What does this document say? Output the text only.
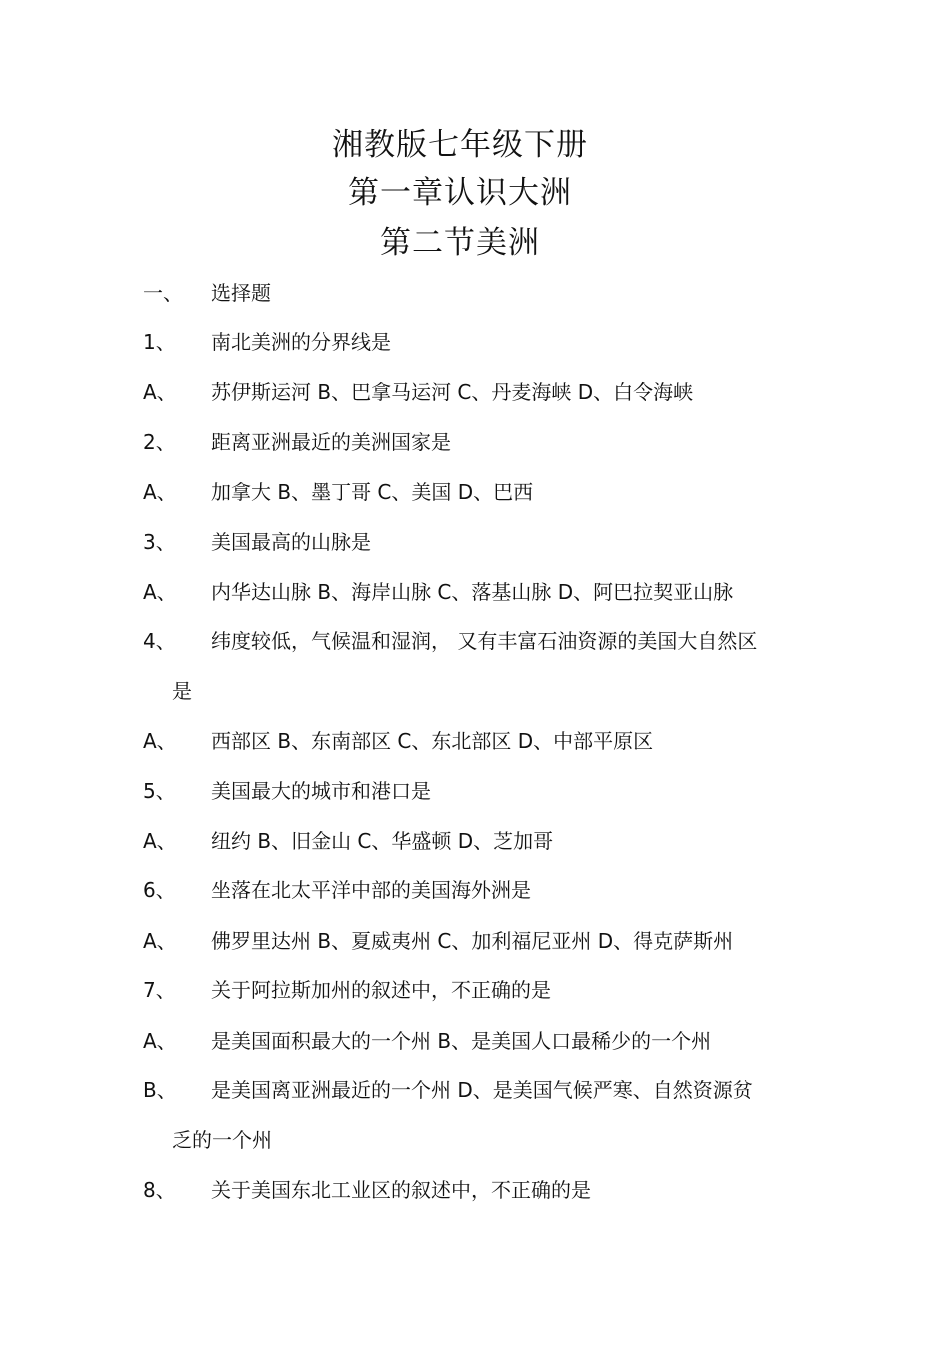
湘教版七年级下册
第一章认识大洲
第二节美洲
一、 选择题
1、 南北美洲的分界线是
A、 苏伊斯运河 B、巴拿马运河 C、丹麦海峡 D、白令海峡
2、 距离亚洲最近的美洲国家是
A、 加拿大 B、墨丁哥 C、美国 D、巴西
3、 美国最高的山脉是
A、 内华达山脉 B、海岸山脉 C、落基山脉 D、阿巴拉契亚山脉
4、 纬度较低，气候温和湿润， 又有丰富石油资源的美国大自然区
是
A、 西部区 B、东南部区 C、东北部区 D、中部平原区
5、 美国最大的城市和港口是
A、 纽约 B、旧金山 C、华盛顿 D、芝加哥
6、 坐落在北太平洋中部的美国海外洲是
A、 佛罗里达州 B、夏威夷州 C、加利福尼亚州 D、得克萨斯州
7、 关于阿拉斯加州的叙述中，不正确的是
A、 是美国面积最大的一个州 B、是美国人口最稀少的一个州
B、 是美国离亚洲最近的一个州 D、是美国气候严寒、自然资源贫
乏的一个州
8、 关于美国东北工业区的叙述中，不正确的是
